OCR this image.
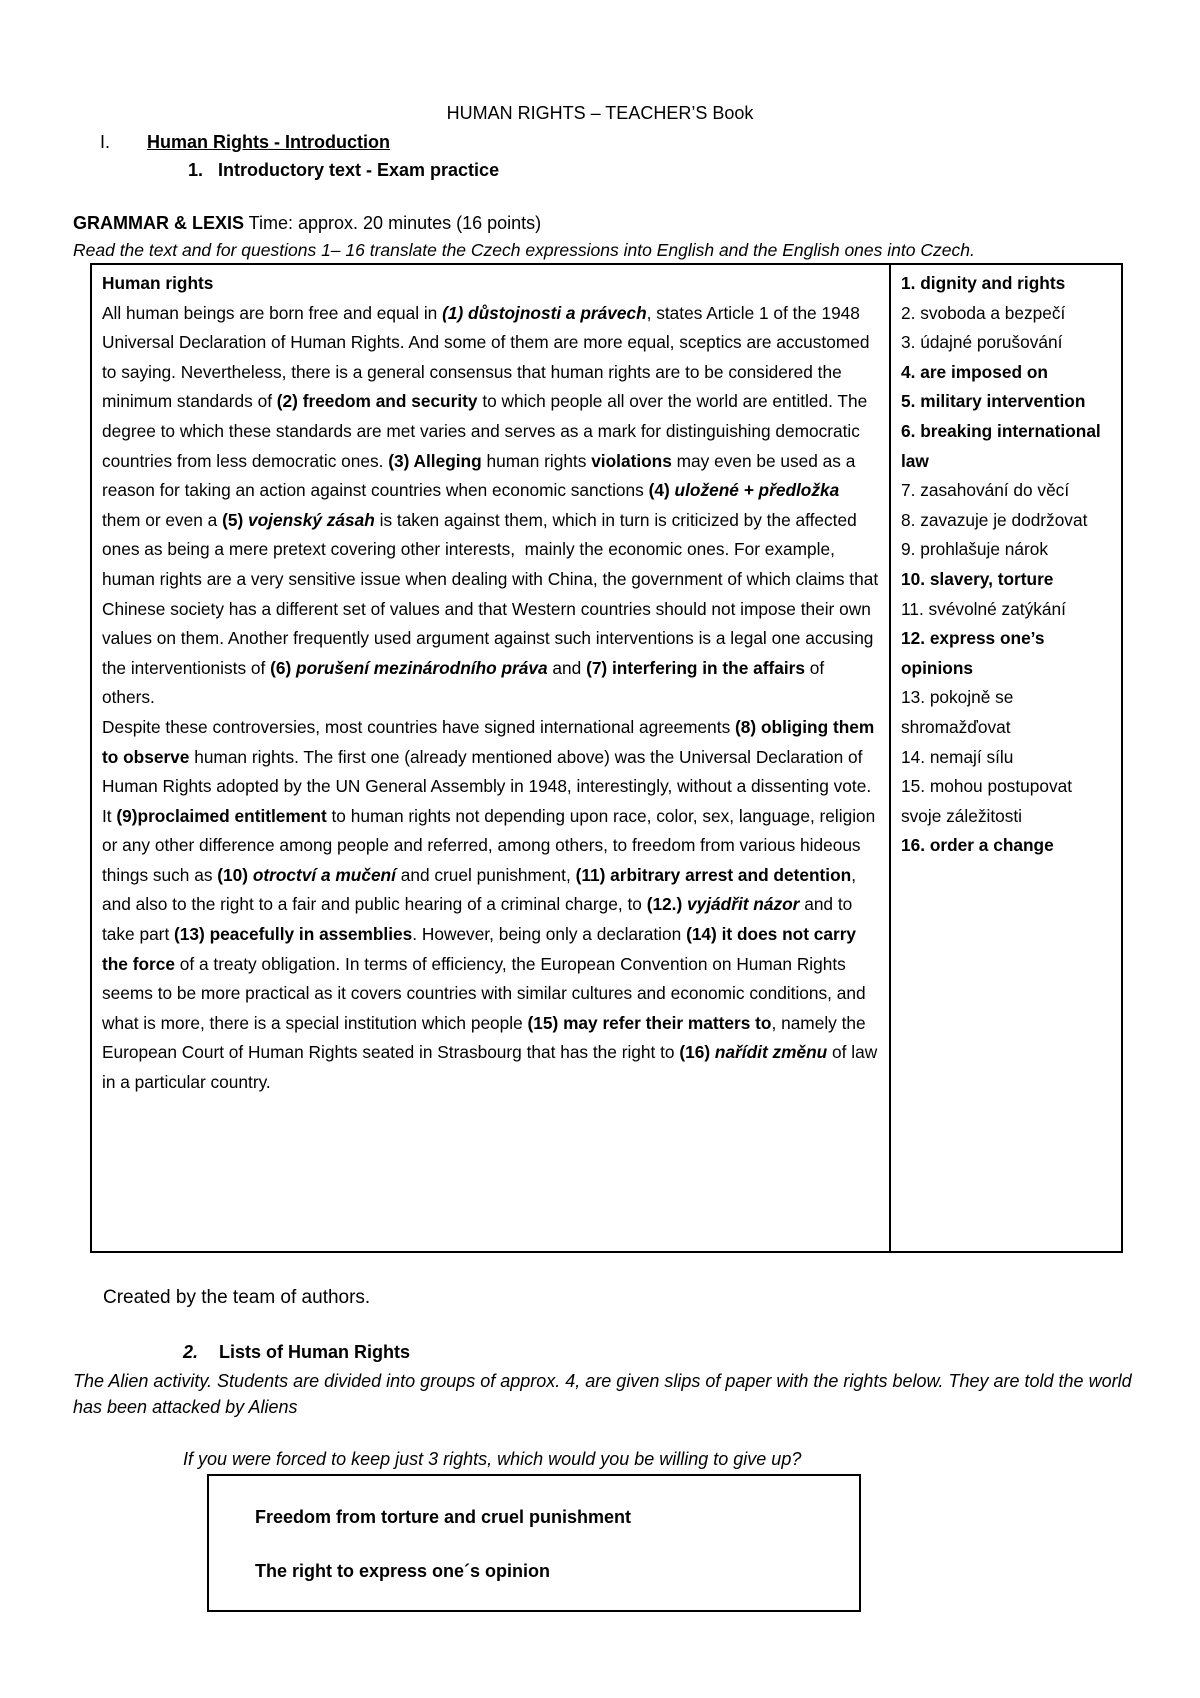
HUMAN RIGHTS – TEACHER’S Book
I. Human Rights - Introduction
1. Introductory text - Exam practice
GRAMMAR & LEXIS Time: approx. 20 minutes (16 points)
Read the text and for questions 1– 16 translate the Czech expressions into English and the English ones into Czech.
Human rights

All human beings are born free and equal in (1) důstojnosti a právech, states Article 1 of the 1948 Universal Declaration of Human Rights. And some of them are more equal, sceptics are accustomed to saying. Nevertheless, there is a general consensus that human rights are to be considered the minimum standards of (2) freedom and security to which people all over the world are entitled. The degree to which these standards are met varies and serves as a mark for distinguishing democratic countries from less democratic ones. (3) Alleging human rights violations may even be used as a reason for taking an action against countries when economic sanctions (4) uložené + předložka them or even a (5) vojenský zásah is taken against them, which in turn is criticized by the affected ones as being a mere pretext covering other interests,  mainly the economic ones. For example, human rights are a very sensitive issue when dealing with China, the government of which claims that Chinese society has a different set of values and that Western countries should not impose their own values on them. Another frequently used argument against such interventions is a legal one accusing the interventionists of (6) porušení mezinárodního práva and (7) interfering in the affairs of others.

Despite these controversies, most countries have signed international agreements (8) obliging them to observe human rights. The first one (already mentioned above) was the Universal Declaration of Human Rights adopted by the UN General Assembly in 1948, interestingly, without a dissenting vote. It (9)proclaimed entitlement to human rights not depending upon race, color, sex, language, religion or any other difference among people and referred, among others, to freedom from various hideous things such as (10) otroctví a mučení and cruel punishment, (11) arbitrary arrest and detention, and also to the right to a fair and public hearing of a criminal charge, to (12.) vyjádřit názor and to take part (13) peacefully in assemblies. However, being only a declaration (14) it does not carry the force of a treaty obligation. In terms of efficiency, the European Convention on Human Rights seems to be more practical as it covers countries with similar cultures and economic conditions, and what is more, there is a special institution which people (15) may refer their matters to, namely the European Court of Human Rights seated in Strasbourg that has the right to (16) nařídit změnu of law in a particular country.

1. dignity and rights
2. svoboda a bezpečí
3. údajné porušování
4. are imposed on
5. military intervention
6. breaking international law
7. zasahování do věcí
8. zavazuje je dodržovat
9. prohlašuje nárok
10. slavery, torture
11. svévolné zatýkání
12. express one’s opinions
13. pokojně se shromažďovat
14. nemají sílu
15. mohou postupovat svoje záležitosti
16. order a change
Created by the team of authors.
2. Lists of Human Rights
The Alien activity. Students are divided into groups of approx. 4, are given slips of paper with the rights below. They are told the world has been attacked by Aliens
If you were forced to keep just 3 rights, which would you be willing to give up?
Freedom from torture and cruel punishment
The right to express one´s opinion
